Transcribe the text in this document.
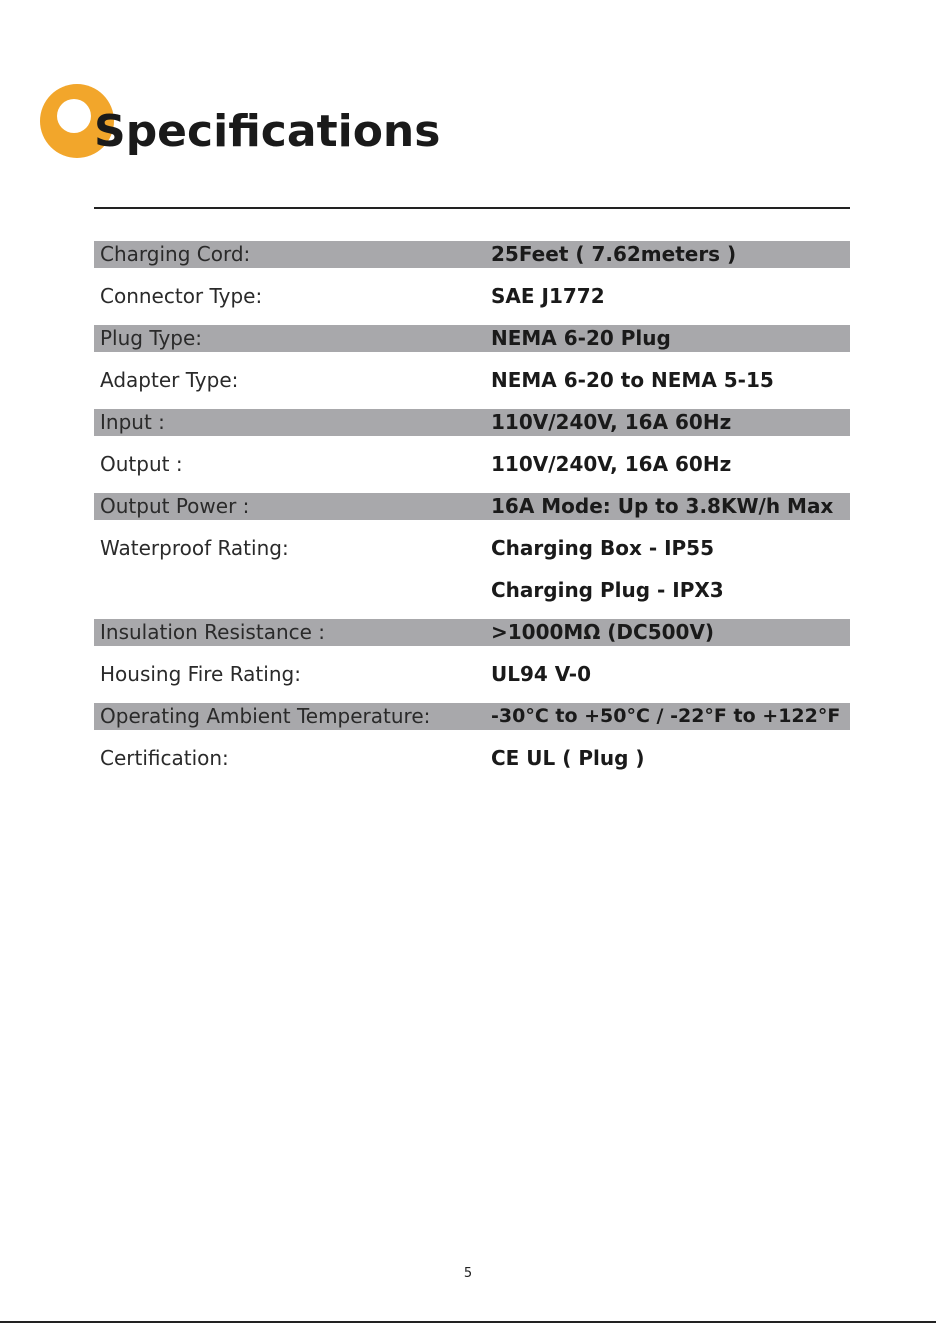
Specifications
Charging Cord:	25Feet ( 7.62meters )
Connector Type:	SAE J1772
Plug Type:	NEMA 6-20 Plug
Adapter Type:	NEMA 6-20 to NEMA 5-15
Input :	110V/240V, 16A 60Hz
Output :	110V/240V, 16A 60Hz
Output Power :	16A Mode: Up to 3.8KW/h Max
Waterproof Rating:	Charging Box - IP55
Charging Plug - IPX3
Insulation Resistance :	>1000MΩ (DC500V)
Housing Fire Rating:	UL94 V-0
Operating Ambient Temperature:	-30°C to +50°C / -22°F to +122°F
Certification:	CE UL ( Plug )
5
